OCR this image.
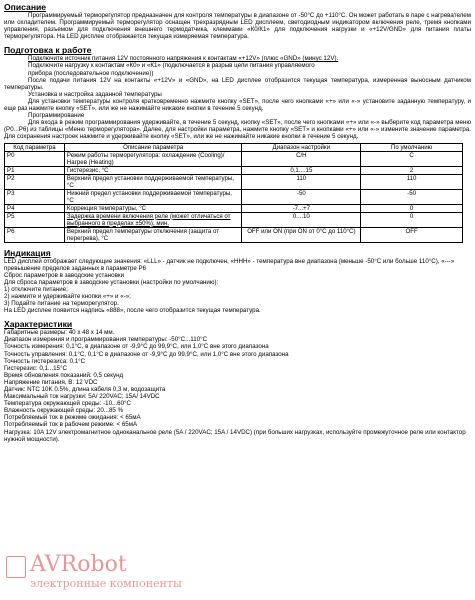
Описание

Программируемый терморегулятор предназначен для контроля температуры в диапазоне от -50°С до +110°С. Он может работать в паре с нагревателем или охладителем. Программируемый терморегулятор оснащен трехразрядным LED дисплеем, светодиодным индикатором включения реле, тремя кнопками управления, разъемом для подключения внешнего термодатчика, клеммами «К0/К1» для подключения нагрузки и «+12V/GND» для питания платы терморегулятора. На LED дисплее отображается текущая измеряемая температура.

Подготовка к работе

Подключите источник питания 12V постоянного напряжения к контактам «+12V» (плюс «GND» (минус 12V).

Подключите нагрузку к контактам «К0» и «К1» (подключается в разрыв цепи питания управляемого

прибора (последовательное подключение))

После подачи питания 12V на контакты «+12V» и «GND», на LED дисплее отобразится текущая температура, измеренная выносным датчиком температуры.

Установка и настройка заданной температуры

Для установки температуры контроля кратковременно нажмите кнопку «SET», после чего кнопками «+» или «-» установите заданную температуру, и еще раз нажмите кнопку «SET», или же не нажимайте никакие кнопки в течение 5 секунд.

Программирование

Для входа в режим программирования удерживайте, в течение 5 секунд, кнопку «SET», после чего кнопками «+» или «-» выберите код параметра меню (P0...P6) из таблицы «Меню терморегулятора». Далее, для настройки параметра, нажмите кнопку «SET» и кнопками «+» или «-» измените значение параметра. Для сохранения настроек нажмите и удерживайте кнопку «SET», или же не нажимайте никакие кнопки в течение 5 секунд.

Код параметра	Описание параметра	Диапазон настройки	По умолчанию
P0	Режим работы терморегулятора: охлаждение (Cooling)/Нагрев (Heating)	C/H	C
P1	Гистерезис, °С	0,1....15	2
P2	Верхний предел установки поддерживаемой температуры, °С	110	110
P3	Нижний предел установки поддерживаемой температуры, °С	-50	-50
P4	Коррекция температуры, °С	-7...+7	0
P5	Задержка времени включения реле (может отличаться от выбранного в пределах ±50%), мин.	0....10	0
P6	Верхний предел температуры отключения (защита от перегрева), °С	OFF или ON (при ON от 0°C до 110°C)	OFF
Индикация

LED дисплей отображает следующие значения: «LLL» - датчик не подключен, «HHH» - температура вне диапазона (меньше -50°C или больше 110°C), «---» превышение пределов заданных в параметре P6

Сброс параметров в заводские установки

Для сброса параметров в заводские установки (настройки по умолчанию):

1) отключите питание;

2) нажмите и удерживайте кнопки «+» и «-»;

3) Подайте питание на терморегулятор.

На LED дисплее появится надпись «888», после чего отобразится текущая температура.

Характеристики

Габаритные размеры: 40 х 48 х 14 мм.

Диапазон измерения и программирования температуры: -50°С...110°С

Точность измерения: 0,1°С, в диапазоне от -9,9°С до 99,9°С, или 1,0°С вне этого диапазона

Точность управления: 0,1°С, 0,1°С в диапазоне от -9,9°С до 99,9°С, или 1,0°С вне этого диапазона

Точность гистерезиса: 0,1°С

Гистерезис: 0,1...15°С

Время обновления показаний: 0,5 секунд

Напряжение питания, В: 12 VDC

Датчик: NTC 10K 0.5%, длина кабеля 0,3 м, водозащита

Максимальный ток нагрузки: 5A/ 220VAC; 15A/ 14VDC

Температура окружающей среды: -10...60°С

Влажность окружающей среды: 20...85 %

Потребляемый ток в режиме ожидания: < 65мА

Потребляемый ток в рабочем режиме: < 65мА

Нагрузка: 10A 12V электромагнитное одноканальное реле (5A / 220VAC; 15A / 14VDC) (при больших нагрузках, используйте промежуточное реле или контактор нужной мощности).

AVRobot
электронные компоненты
